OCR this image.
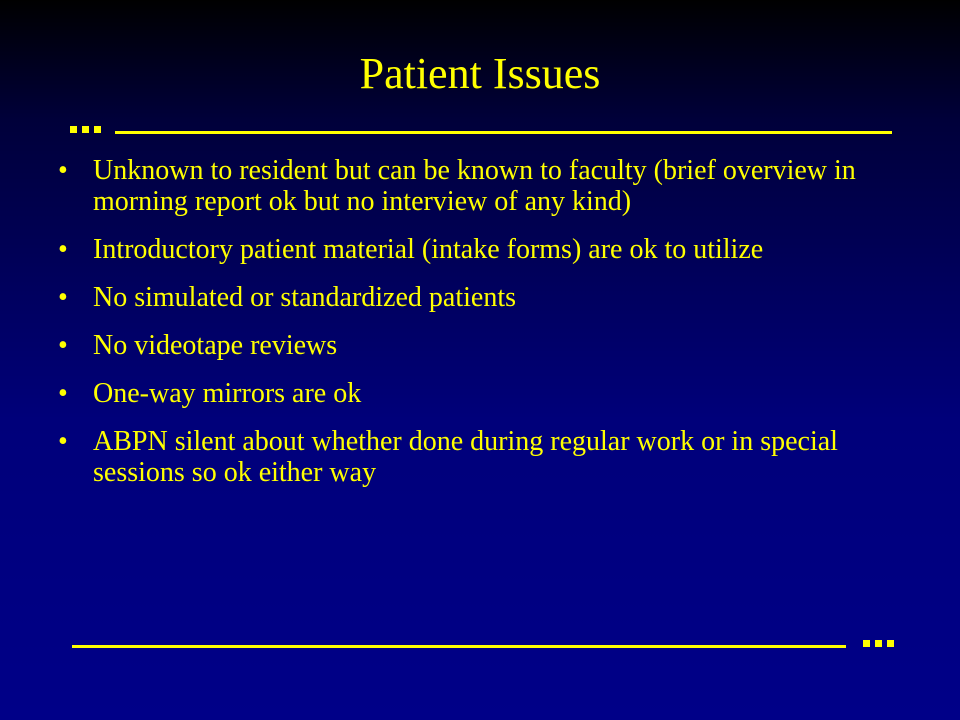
Patient Issues
• Unknown to resident but can be known to faculty (brief overview in morning report ok but no interview of any kind)
• Introductory patient material (intake forms) are ok to utilize
• No simulated or standardized patients
• No videotape reviews
• One-way mirrors are ok
• ABPN silent about whether done during regular work or in special sessions so ok either way
